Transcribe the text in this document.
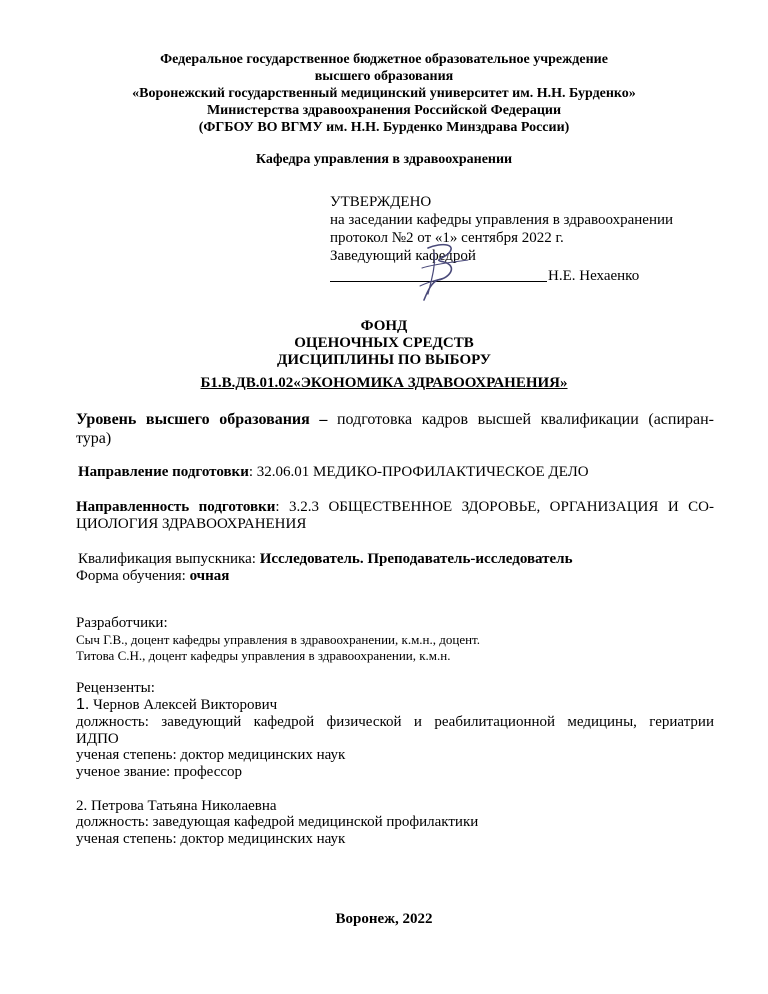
Федеральное государственное бюджетное образовательное учреждение
высшего образования
«Воронежский государственный медицинский университет им. Н.Н. Бурденко»
Министерства здравоохранения Российской Федерации
(ФГБОУ ВО ВГМУ им. Н.Н. Бурденко Минздрава России)
Кафедра управления в здравоохранении
УТВЕРЖДЕНО
на заседании кафедры управления в здравоохранении
протокол №2 от «1» сентября 2022 г.
Заведующий кафедрой
Н.Е. Нехаенко
ФОНД
ОЦЕНОЧНЫХ СРЕДСТВ
ДИСЦИПЛИНЫ ПО ВЫБОРУ
Б1.В.ДВ.01.02«ЭКОНОМИКА ЗДРАВООХРАНЕНИЯ»
Уровень высшего образования – подготовка кадров высшей квалификации (аспиран-
тура)
Направление подготовки: 32.06.01 МЕДИКО-ПРОФИЛАКТИЧЕСКОЕ ДЕЛО
Направленность подготовки: 3.2.3 ОБЩЕСТВЕННОЕ ЗДОРОВЬЕ, ОРГАНИЗАЦИЯ И СО-
ЦИОЛОГИЯ ЗДРАВООХРАНЕНИЯ
Квалификация выпускника: Исследователь. Преподаватель-исследователь
Форма обучения: очная
Разработчики:
Сыч Г.В., доцент кафедры управления в здравоохранении, к.м.н., доцент.
Титова С.Н., доцент кафедры управления в здравоохранении, к.м.н.
Рецензенты:
1. Чернов Алексей Викторович
должность: заведующий кафедрой физической и реабилитационной медицины, гериатрии
ИДПО
ученая степень: доктор медицинских наук
ученое звание: профессор
2. Петрова Татьяна Николаевна
должность: заведующая кафедрой медицинской профилактики
ученая степень: доктор медицинских наук
Воронеж, 2022
